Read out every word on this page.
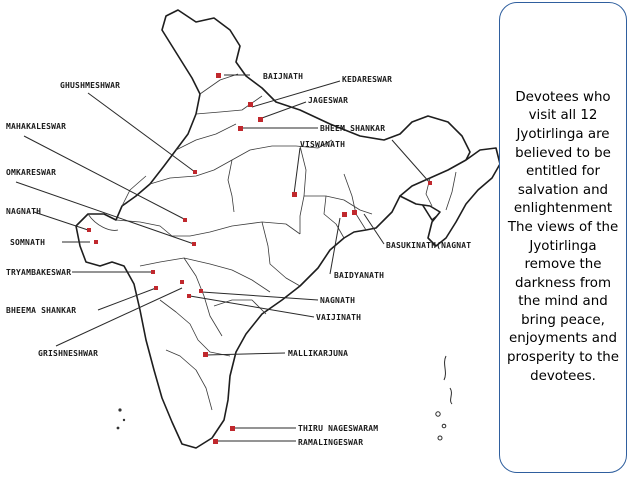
GHUSHMESHWAR
BAIJNATH	KEDARESWAR
JAGESWAR
MAHAKALESWAR	BHEEM SHANKAR
VISWANATH
OMKARESWAR
NAGNATH
SOMNATH	BASUKINATH(NAGNAT
TRYAMBAKESWAR	BAIDYANATH
BHEEMA SHANKAR
NAGNATH
VAIJINATH
GRISHNESHWAR	MALLIKARJUNA
THIRU NAGESWARAM
RAMALINGESWAR

Devotees who visit all 12 Jyotirlinga are believed to be entitled for salvation and enlightenment The views of the Jyotirlinga remove the darkness from the mind and bring peace, enjoyments and prosperity to the devotees.
